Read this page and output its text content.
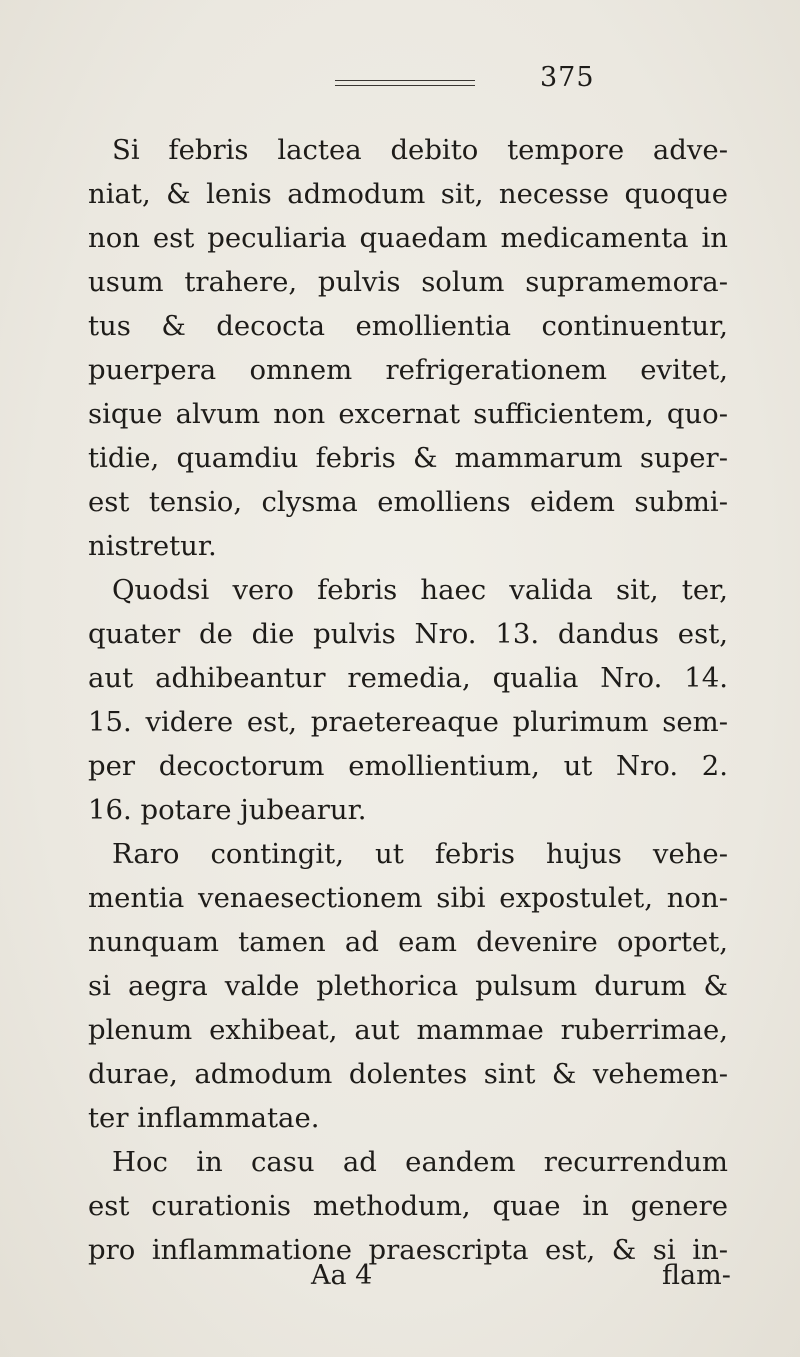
375
Si febris lactea debito tempore adve-
niat, & lenis admodum sit, necesse quoque
non est peculiaria quaedam medicamenta in
usum trahere, pulvis solum supramemora-
tus & decocta emollientia continuentur,
puerpera omnem refrigerationem evitet,
sique alvum non excernat sufficientem, quo-
tidie, quamdiu febris & mammarum super-
est tensio, clysma emolliens eidem submi-
nistretur.
Quodsi vero febris haec valida sit, ter,
quater de die pulvis Nro. 13. dandus est,
aut adhibeantur remedia, qualia Nro. 14.
15. videre est, praetereaque plurimum sem-
per decoctorum emollientium, ut Nro. 2.
16. potare jubearur.
Raro contingit, ut febris hujus vehe-
mentia venaesectionem sibi expostulet, non-
nunquam tamen ad eam devenire oportet,
si aegra valde plethorica pulsum durum &
plenum exhibeat, aut mammae ruberrimae,
durae, admodum dolentes sint & vehemen-
ter inflammatae.
Hoc in casu ad eandem recurrendum
est curationis methodum, quae in genere
pro inflammatione praescripta est, & si in-
Aa 4	flam-
